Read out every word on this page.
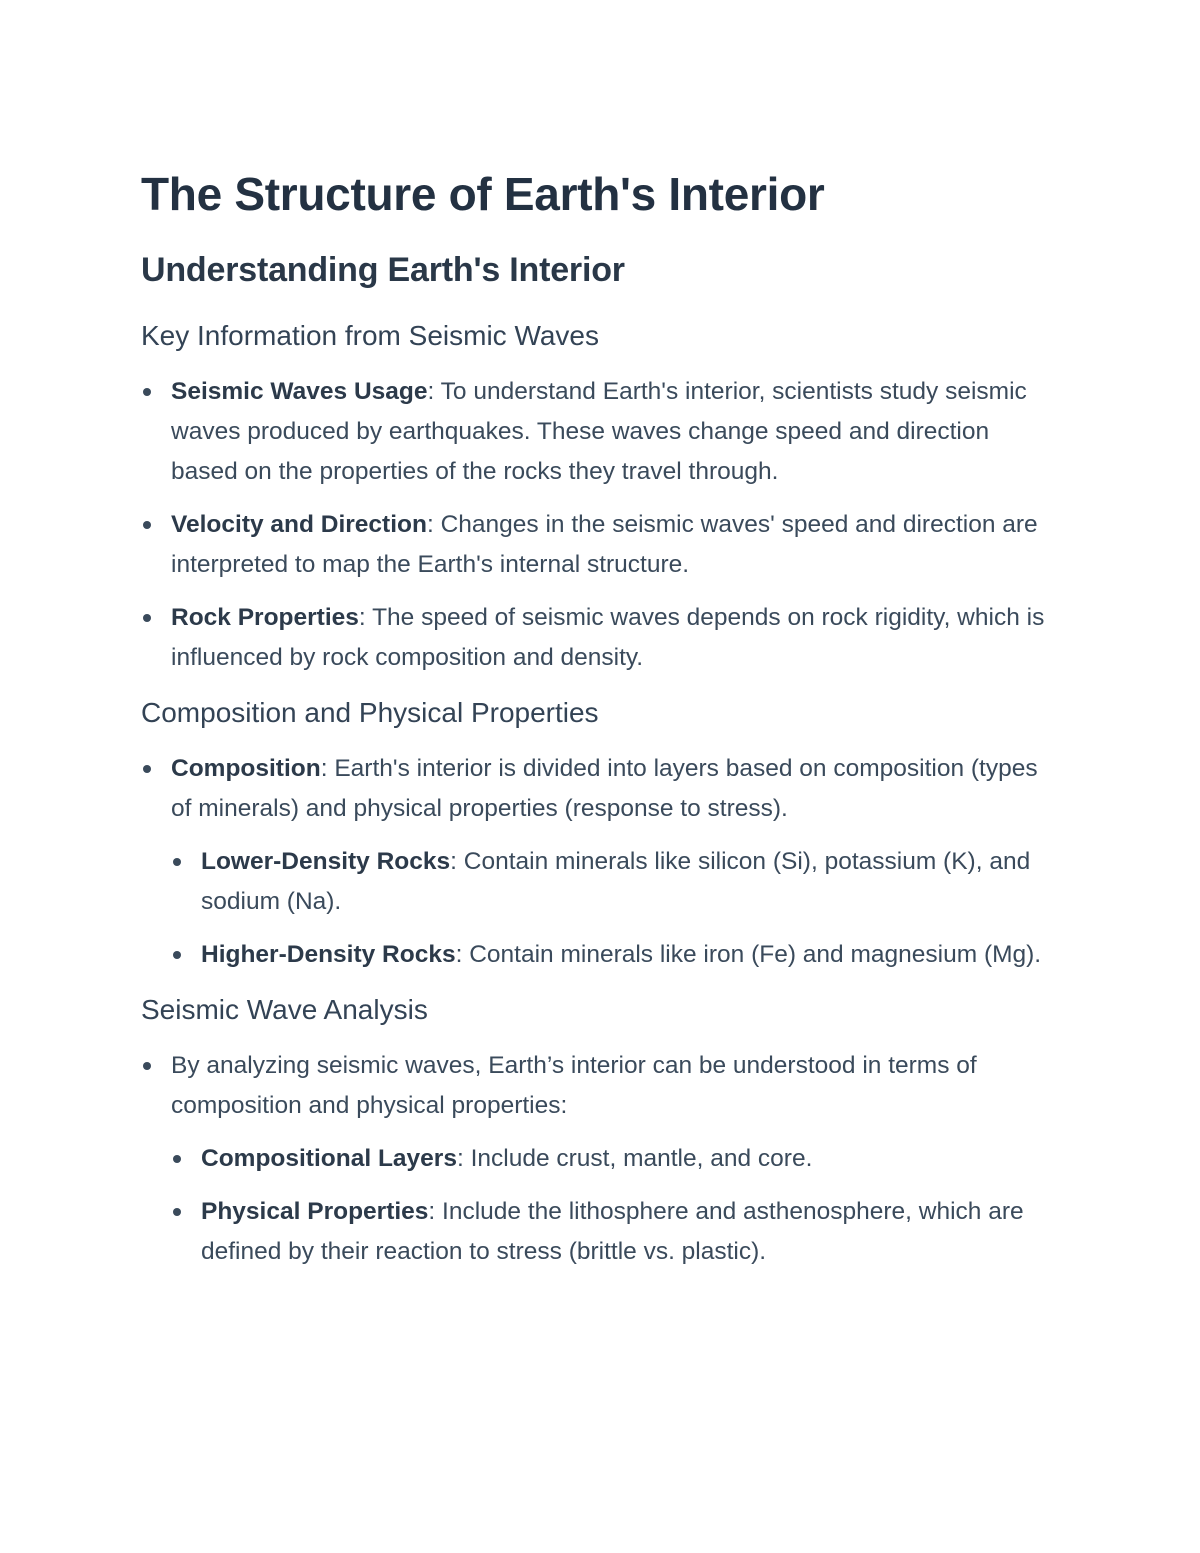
The Structure of Earth's Interior
Understanding Earth's Interior
Key Information from Seismic Waves
Seismic Waves Usage: To understand Earth's interior, scientists study seismic waves produced by earthquakes. These waves change speed and direction based on the properties of the rocks they travel through.
Velocity and Direction: Changes in the seismic waves' speed and direction are interpreted to map the Earth's internal structure.
Rock Properties: The speed of seismic waves depends on rock rigidity, which is influenced by rock composition and density.
Composition and Physical Properties
Composition: Earth's interior is divided into layers based on composition (types of minerals) and physical properties (response to stress).
Lower-Density Rocks: Contain minerals like silicon (Si), potassium (K), and sodium (Na).
Higher-Density Rocks: Contain minerals like iron (Fe) and magnesium (Mg).
Seismic Wave Analysis
By analyzing seismic waves, Earth’s interior can be understood in terms of composition and physical properties:
Compositional Layers: Include crust, mantle, and core.
Physical Properties: Include the lithosphere and asthenosphere, which are defined by their reaction to stress (brittle vs. plastic).
